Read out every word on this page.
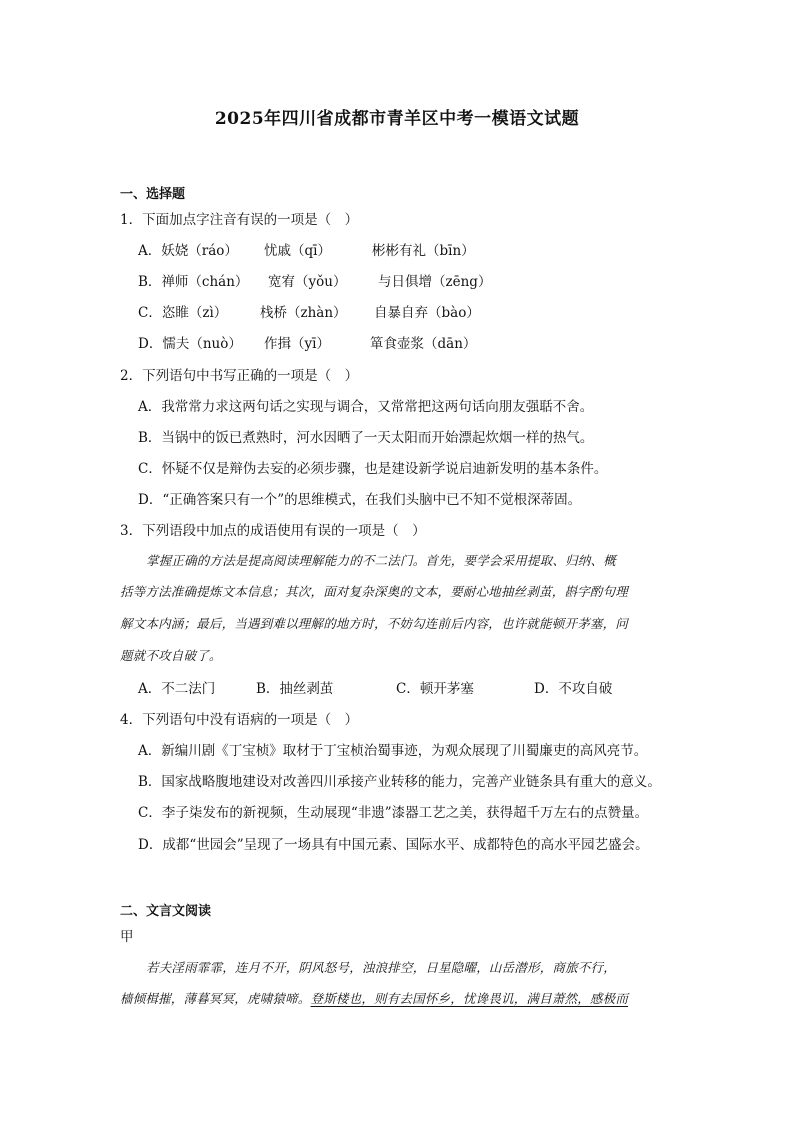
2025年四川省成都市青羊区中考一模语文试题
一、选择题
1．下面加点字注音有误的一项是（　）
A．妖娆（ráo） 忧戚（qī）	彬彬有礼（bīn）
B．禅师（chán） 宽宥（yǒu） 与日俱增（zēng）
C．恣睢（zì） 栈桥（zhàn） 自暴自弃（bào）
D．懦夫（nuò） 作揖（yī）	箪食壶浆（dān）
2．下列语句中书写正确的一项是（　）
A．我常常力求这两句话之实现与调合，又常常把这两句话向朋友强聒不舍。
B．当锅中的饭已煮熟时，河水因晒了一天太阳而开始漂起炊烟一样的热气。
C．怀疑不仅是辩伪去妄的必须步骤，也是建设新学说启迪新发明的基本条件。
D．“正确答案只有一个”的思维模式，在我们头脑中已不知不觉根深蒂固。
3．下列语段中加点的成语使用有误的一项是（　）
掌握正确的方法是提高阅读理解能力的不二法门。首先，要学会采用提取、归纳、概
括等方法准确提炼文本信息；其次，面对复杂深奥的文本，要耐心地抽丝剥茧，斟字酌句理
解文本内涵；最后，当遇到难以理解的地方时，不妨勾连前后内容，也许就能顿开茅塞，问
题就不攻自破了。
A．不二法门	B．抽丝剥茧	C．顿开茅塞	D．不攻自破
4．下列语句中没有语病的一项是（　）
A．新编川剧《丁宝桢》取材于丁宝桢治蜀事迹，为观众展现了川蜀廉吏的高风亮节。
B．国家战略腹地建设对改善四川承接产业转移的能力，完善产业链条具有重大的意义。
C．李子柒发布的新视频，生动展现“非遗”漆器工艺之美，获得超千万左右的点赞量。
D．成都“世园会”呈现了一场具有中国元素、国际水平、成都特色的高水平园艺盛会。
二、文言文阅读
甲
若夫淫雨霏霏，连月不开，阴风怒号，浊浪排空，日星隐曜，山岳潜形，商旅不行，
樯倾楫摧，薄暮冥冥，虎啸猿啼。登斯楼也，则有去国怀乡，忧谗畏讥，满目萧然，感极而
